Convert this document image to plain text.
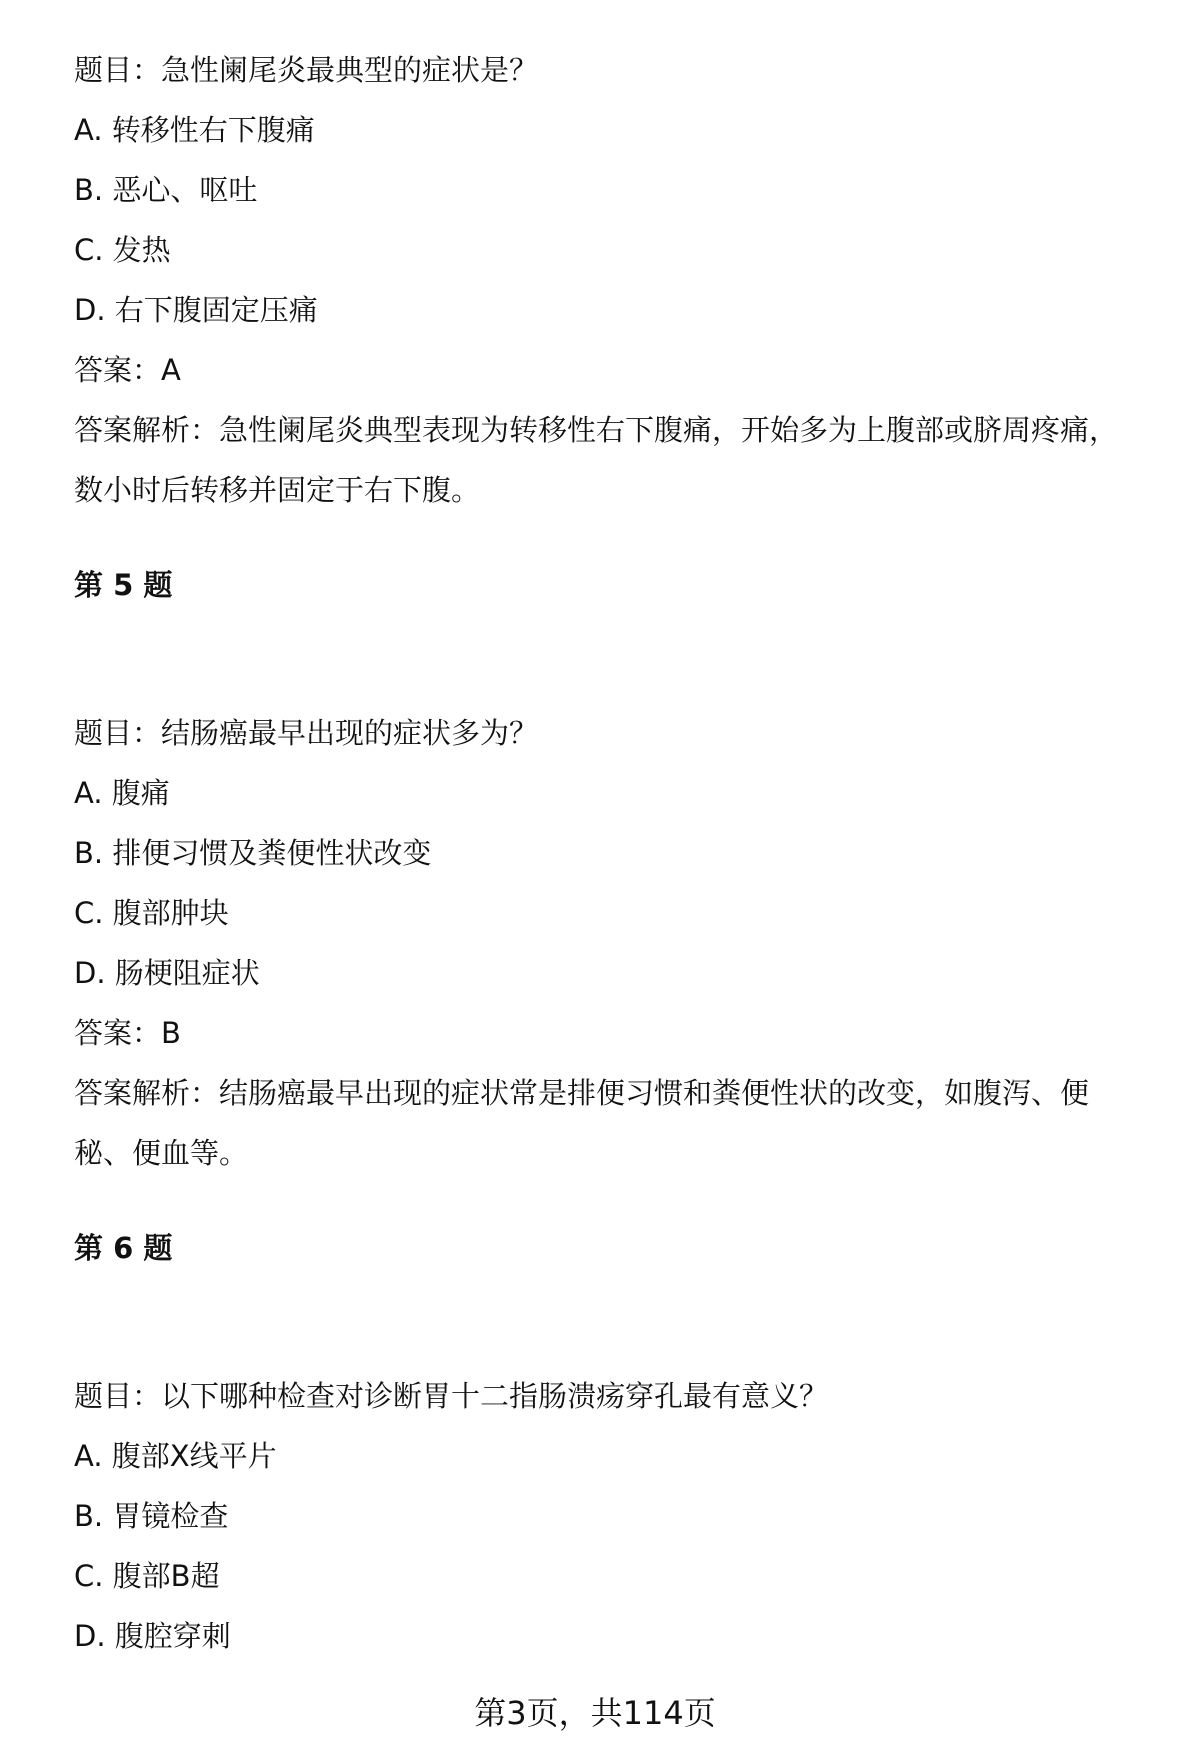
题目：急性阑尾炎最典型的症状是？

A. 转移性右下腹痛

B. 恶心、呕吐

C. 发热

D. 右下腹固定压痛

答案：A

答案解析：急性阑尾炎典型表现为转移性右下腹痛，开始多为上腹部或脐周疼痛，

数小时后转移并固定于右下腹。

第 5 题

题目：结肠癌最早出现的症状多为？

A. 腹痛

B. 排便习惯及粪便性状改变

C. 腹部肿块

D. 肠梗阻症状

答案：B

答案解析：结肠癌最早出现的症状常是排便习惯和粪便性状的改变，如腹泻、便

秘、便血等。

第 6 题

题目：以下哪种检查对诊断胃十二指肠溃疡穿孔最有意义？

A. 腹部X线平片

B. 胃镜检查

C. 腹部B超

D. 腹腔穿刺

第3页，共114页
